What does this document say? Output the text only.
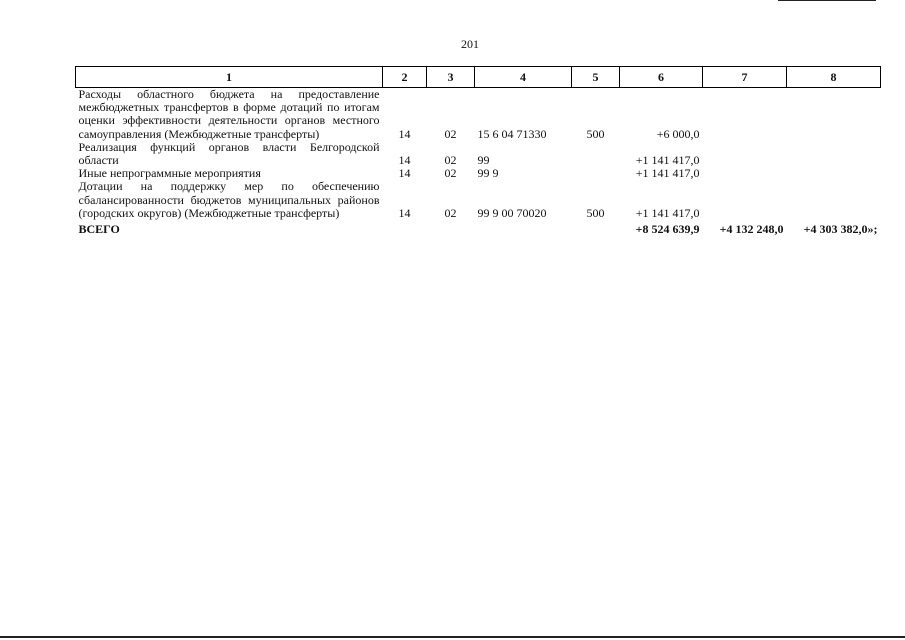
201
1	2	3	4	5	6	7	8
Расходы областного бюджета на предоставление межбюджетных трансфертов в форме дотаций по итогам оценки эффективности деятельности органов местного самоуправления (Межбюджетные трансферты)	14	02	15 6 04 71330	500	+6 000,0		
Реализация функций органов власти Белгородской области	14	02	99		+1 141 417,0		
Иные непрограммные мероприятия	14	02	99 9		+1 141 417,0		
Дотации на поддержку мер по обеспечению сбалансированности бюджетов муниципальных районов (городских округов) (Межбюджетные трансферты)	14	02	99 9 00 70020	500	+1 141 417,0		
ВСЕГО					+8 524 639,9	+4 132 248,0	+4 303 382,0»;
